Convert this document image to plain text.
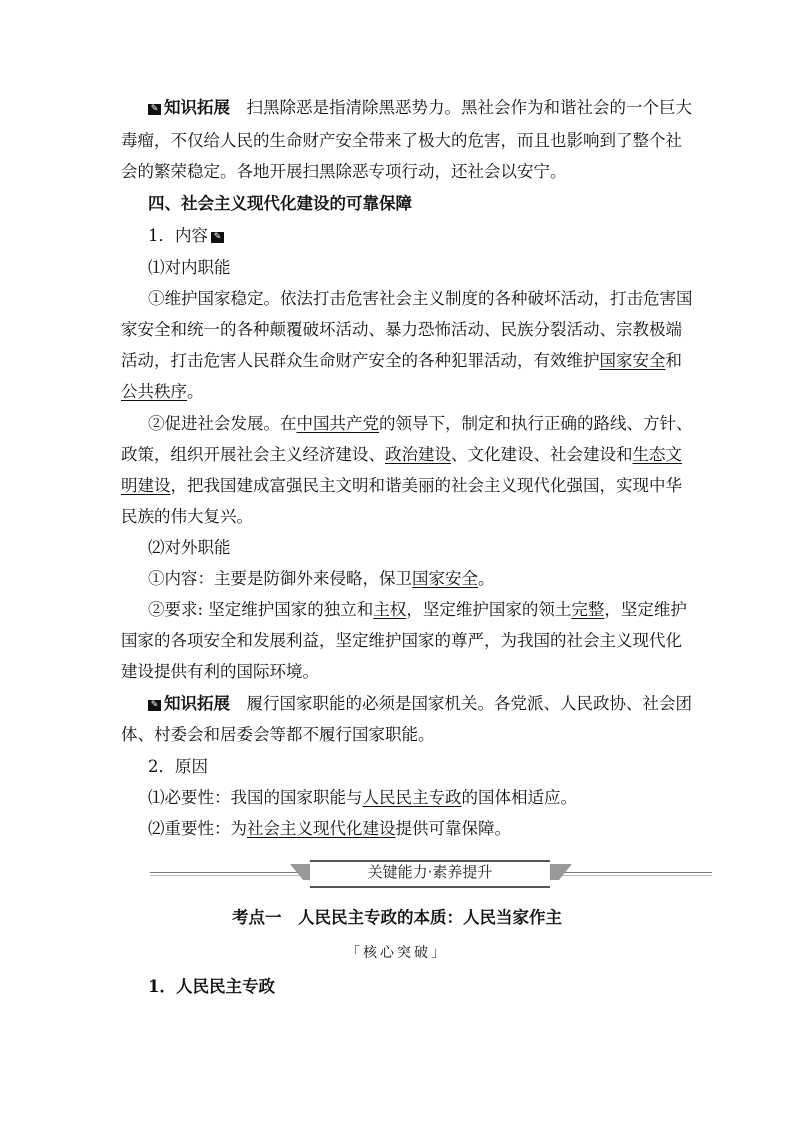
✎知识拓展　 扫黑除恶是指清除黑恶势力。黑社会作为和谐社会的一个巨大
毒瘤，不仅给人民的生命财产安全带来了极大的危害，而且也影响到了整个社
会的繁荣稳定。各地开展扫黑除恶专项行动，还社会以安宁。
四、社会主义现代化建设的可靠保障
1．内容✎
⑴对内职能
①维护国家稳定。依法打击危害社会主义制度的各种破坏活动，打击危害国
家安全和统一的各种颠覆破坏活动、暴力恐怖活动、民族分裂活动、宗教极端
活动，打击危害人民群众生命财产安全的各种犯罪活动，有效维护国家安全和
公共秩序。
②促进社会发展。在中国共产党的领导下，制定和执行正确的路线、方针、
政策，组织开展社会主义经济建设、政治建设、文化建设、社会建设和生态文
明建设，把我国建成富强民主文明和谐美丽的社会主义现代化强国，实现中华
民族的伟大复兴。
⑵对外职能
①内容：主要是防御外来侵略，保卫国家安全。
②要求: 坚定维护国家的独立和主权，坚定维护国家的领土完整，坚定维护
国家的各项安全和发展利益，坚定维护国家的尊严，为我国的社会主义现代化
建设提供有利的国际环境。
✎知识拓展　 履行国家职能的必须是国家机关。各党派、人民政协、社会团
体、村委会和居委会等都不履行国家职能。
2．原因
⑴必要性：我国的国家职能与人民民主专政的国体相适应。
⑵重要性：为社会主义现代化建设提供可靠保障。
关键能力·素养提升
考点一　人民民主专政的本质：人民当家作主
「核心突破」
1．人民民主专政
